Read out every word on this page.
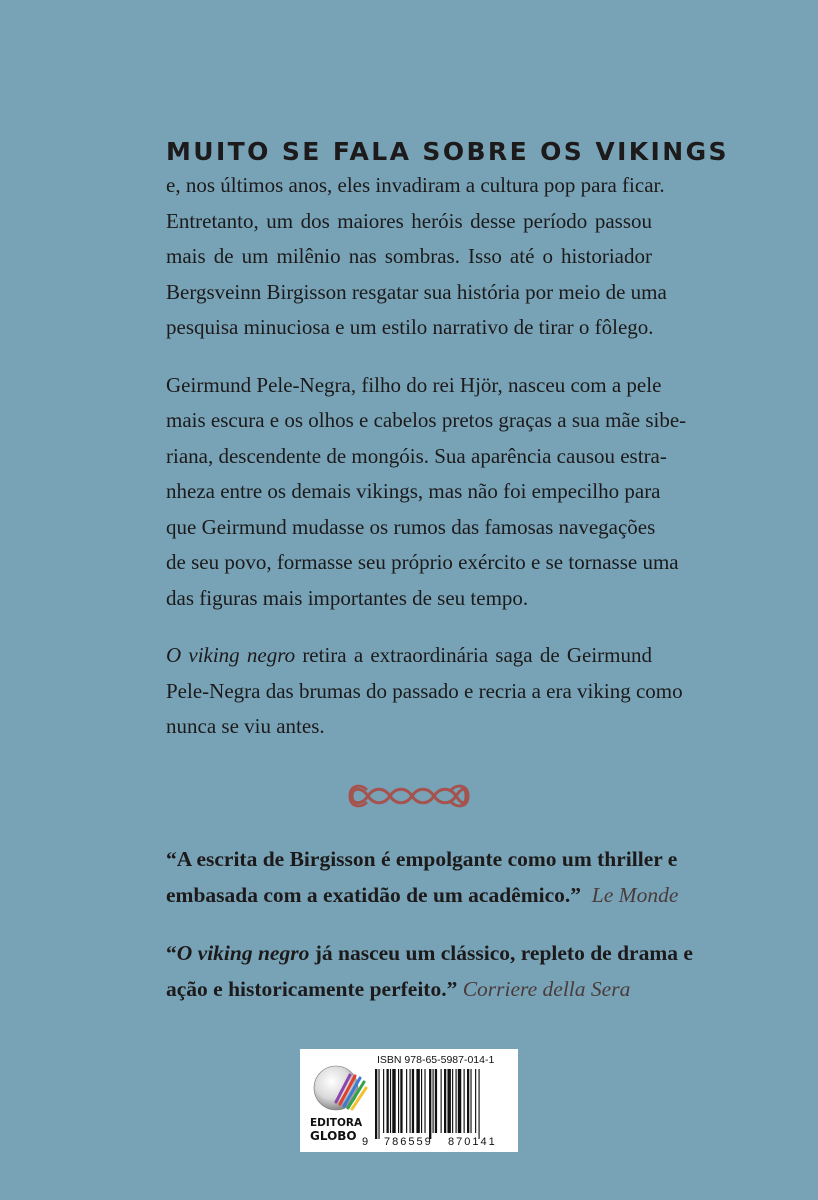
MUITO SE FALA SOBRE OS VIKINGS

e, nos últimos anos, eles invadiram a cultura pop para ficar.
Entretanto, um dos maiores heróis desse período passou
mais de um milênio nas sombras. Isso até o historiador
Bergsveinn Birgisson resgatar sua história por meio de uma
pesquisa minuciosa e um estilo narrativo de tirar o fôlego.

Geirmund Pele-Negra, filho do rei Hjör, nasceu com a pele
mais escura e os olhos e cabelos pretos graças a sua mãe sibe-
riana, descendente de mongóis. Sua aparência causou estra-
nheza entre os demais vikings, mas não foi empecilho para
que Geirmund mudasse os rumos das famosas navegações
de seu povo, formasse seu próprio exército e se tornasse uma
das figuras mais importantes de seu tempo.

O viking negro retira a extraordinária saga de Geirmund
Pele-Negra das brumas do passado e recria a era viking como
nunca se viu antes.

“A escrita de Birgisson é empolgante como um thriller e
embasada com a exatidão de um acadêmico.” Le Monde

“O viking negro já nasceu um clássico, repleto de drama e
ação e historicamente perfeito.” Corriere della Sera

EDITORA
GLOBO
ISBN 978-65-5987-014-1
9 786559 870141
